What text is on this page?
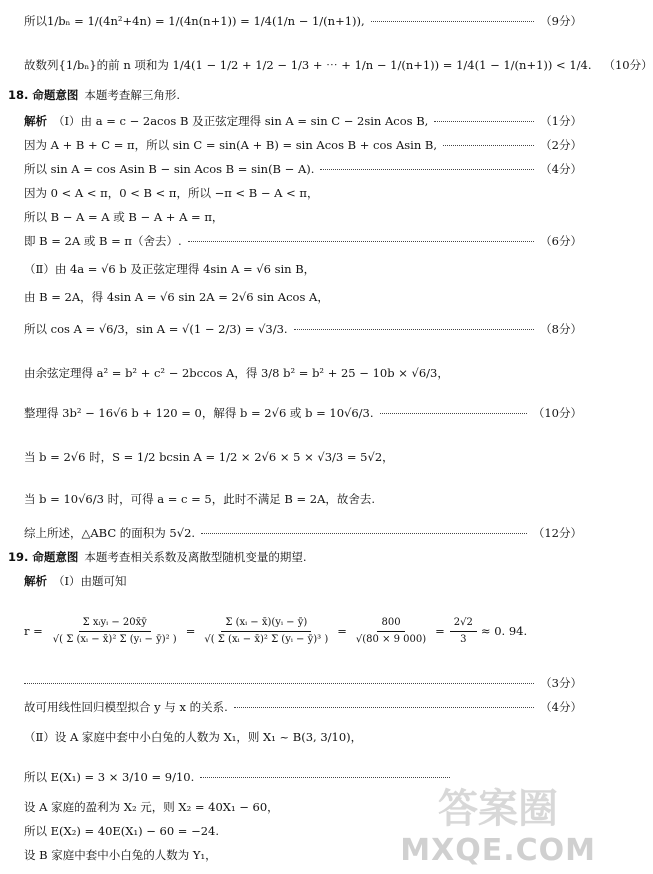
所以1/bₙ = 1/(4n²+4n) = 1/(4n(n+1)) = 1/4(1/n − 1/(n+1)),	（9分）
故数列{1/bₙ}的前 n 项和为 1/4(1 − 1/2 + 1/2 − 1/3 + ⋯ + 1/n − 1/(n+1)) = 1/4(1 − 1/(n+1)) < 1/4. （10分）
18. 命题意图 本题考查解三角形.
解析 （Ⅰ）由 a = c − 2acos B 及正弦定理得 sin A = sin C − 2sin Acos B,	（1分）
因为 A + B + C = π，所以 sin C = sin(A + B) = sin Acos B + cos Asin B,	（2分）
所以 sin A = cos Asin B − sin Acos B = sin(B − A).	（4分）
因为 0 < A < π，0 < B < π，所以 −π < B − A < π，
所以 B − A = A 或 B − A + A = π，
即 B = 2A 或 B = π（舍去）.	（6分）
（Ⅱ）由 4a = √6 b 及正弦定理得 4sin A = √6 sin B，
由 B = 2A，得 4sin A = √6 sin 2A = 2√6 sin Acos A，
所以 cos A = √6/3，sin A = √(1 − 2/3) = √3/3.	（8分）
由余弦定理得 a² = b² + c² − 2bccos A，得 3/8 b² = b² + 25 − 10b × √6/3，
整理得 3b² − 16√6 b + 120 = 0，解得 b = 2√6 或 b = 10√6/3.	（10分）
当 b = 2√6 时，S = 1/2 bcsin A = 1/2 × 2√6 × 5 × √3/3 = 5√2，
当 b = 10√6/3 时，可得 a = c = 5，此时不满足 B = 2A，故舍去.
综上所述，△ABC 的面积为 5√2.	（12分）
19. 命题意图 本题考查相关系数及离散型随机变量的期望.
解析 （Ⅰ）由题可知
r =
Σ xᵢyᵢ − 20x̄ȳ
√( Σ (xᵢ − x̄)² Σ (yᵢ − ȳ)² )
= $\frac{\text{Σ (xᵢ − x̄)(yᵢ − ȳ)}}{\text{√( Σ (xᵢ − x̄)² Σ (yᵢ − ȳ)³ )}} = \frac{800}{√(80 \times 9 000)} = \frac{2√2}{3} \approx 0$. 94.
（3分）
故可用线性回归模型拟合 y 与 x 的关系.	（4分）
（Ⅱ）设 A 家庭中套中小白兔的人数为 X₁，则 X₁ ~ B(3, 3/10)，
所以 E(X₁) = 3 × 3/10 = 9/10.
设 A 家庭的盈利为 X₂ 元，则 X₂ = 40X₁ − 60，
所以 E(X₂) = 40E(X₁) − 60 = −24.
设 B 家庭中套中小白兔的人数为 Y₁，
答案圈
MXQE.COM
